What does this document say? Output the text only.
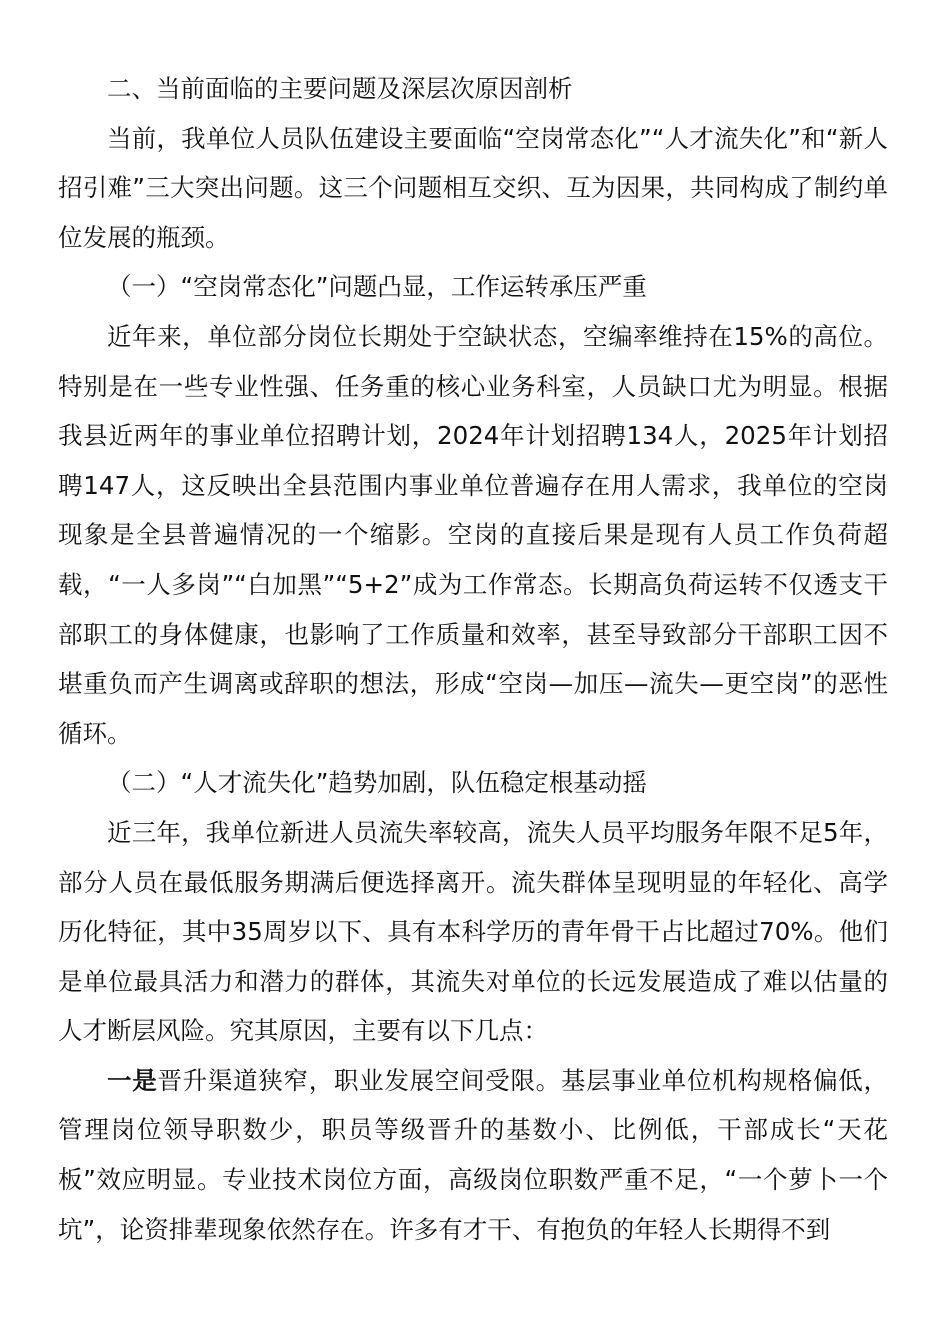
二、当前面临的主要问题及深层次原因剖析

当前，我单位人员队伍建设主要面临“空岗常态化”“人才流失化”和“新人招引难”三大突出问题。这三个问题相互交织、互为因果，共同构成了制约单位发展的瓶颈。

（一）“空岗常态化”问题凸显，工作运转承压严重

近年来，单位部分岗位长期处于空缺状态，空编率维持在15%的高位。特别是在一些专业性强、任务重的核心业务科室，人员缺口尤为明显。根据我县近两年的事业单位招聘计划，2024年计划招聘134人，2025年计划招聘147人，这反映出全县范围内事业单位普遍存在用人需求，我单位的空岗现象是全县普遍情况的一个缩影。空岗的直接后果是现有人员工作负荷超载，“一人多岗”“白加黑”“5+2”成为工作常态。长期高负荷运转不仅透支干部职工的身体健康，也影响了工作质量和效率，甚至导致部分干部职工因不堪重负而产生调离或辞职的想法，形成“空岗—加压—流失—更空岗”的恶性循环。

（二）“人才流失化”趋势加剧，队伍稳定根基动摇

近三年，我单位新进人员流失率较高，流失人员平均服务年限不足5年，部分人员在最低服务期满后便选择离开。流失群体呈现明显的年轻化、高学历化特征，其中35周岁以下、具有本科学历的青年骨干占比超过70%。他们是单位最具活力和潜力的群体，其流失对单位的长远发展造成了难以估量的人才断层风险。究其原因，主要有以下几点：

一是晋升渠道狭窄，职业发展空间受限。基层事业单位机构规格偏低，管理岗位领导职数少，职员等级晋升的基数小、比例低，干部成长“天花板”效应明显。专业技术岗位方面，高级岗位职数严重不足，“一个萝卜一个坑”，论资排辈现象依然存在。许多有才干、有抱负的年轻人长期得不到
